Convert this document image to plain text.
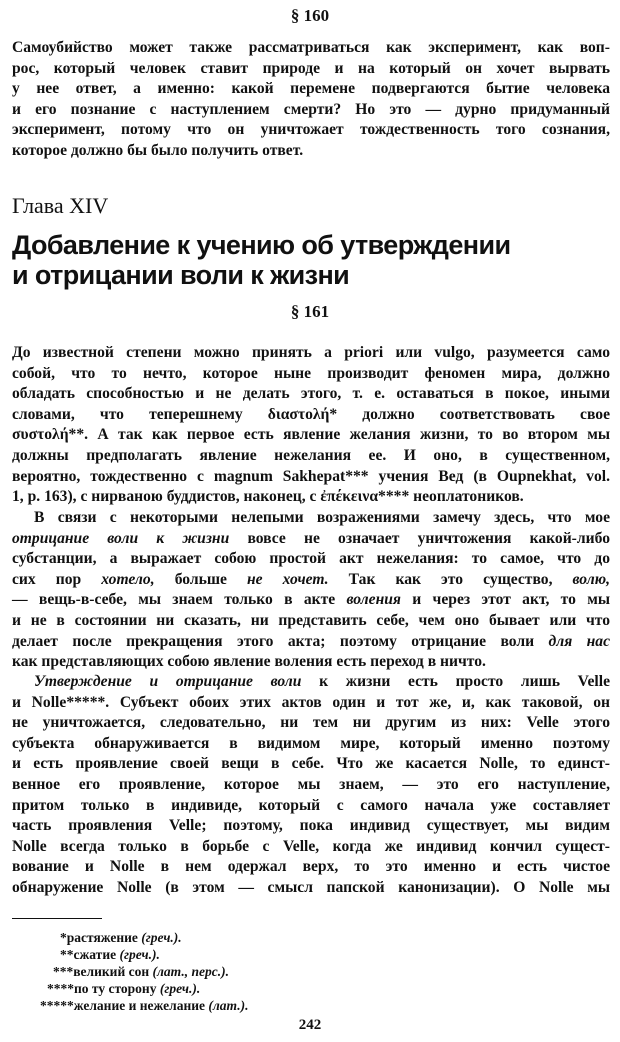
§ 160
Самоубийство может также рассматриваться как эксперимент, как воп-
рос, который человек ставит природе и на который он хочет вырвать
у нее ответ, а именно: какой перемене подвергаются бытие человека
и его познание с наступлением смерти? Но это — дурно придуманный
эксперимент, потому что он уничтожает тождественность того сознания,
которое должно бы было получить ответ.
Глава XIV
Добавление к учению об утверждении
и отрицании воли к жизни
§ 161
До известной степени можно принять a priori или vulgo, разумеется само
собой, что то нечто, которое ныне производит феномен мира, должно
обладать способностью и не делать этого, т. е. оставаться в покое, иными
словами, что теперешнему διαστολή* должно соответствовать свое
συστολή**. А так как первое есть явление желания жизни, то во втором мы
должны предполагать явление нежелания ее. И оно, в существенном,
вероятно, тождественно с magnum Sakhepat*** учения Вед (в Oupnekhat, vol.
1, p. 163), с нирваною буддистов, наконец, с ἐπέκεινα**** неоплатоников.
В связи с некоторыми нелепыми возражениями замечу здесь, что мое
отрицание воли к жизни вовсе не означает уничтожения какой-либо
субстанции, а выражает собою простой акт нежелания: то самое, что до
сих пор хотело, больше не хочет. Так как это существо, волю,
— вещь-в-себе, мы знаем только в акте воления и через этот акт, то мы
и не в состоянии ни сказать, ни представить себе, чем оно бывает или что
делает после прекращения этого акта; поэтому отрицание воли для нас
как представляющих собою явление воления есть переход в ничто.
Утверждение и отрицание воли к жизни есть просто лишь Velle
и Nolle*****. Субъект обоих этих актов один и тот же, и, как таковой, он
не уничтожается, следовательно, ни тем ни другим из них: Velle этого
субъекта обнаруживается в видимом мире, который именно поэтому
и есть проявление своей вещи в себе. Что же касается Nolle, то единст-
венное его проявление, которое мы знаем, — это его наступление,
притом только в индивиде, который с самого начала уже составляет
часть проявления Velle; поэтому, пока индивид существует, мы видим
Nolle всегда только в борьбе с Velle, когда же индивид кончил сущест-
вование и Nolle в нем одержал верх, то это именно и есть чистое
обнаружение Nolle (в этом — смысл папской канонизации). О Nolle мы
*растяжение (греч.).
**сжатие (греч.).
***великий сон (лат., перс.).
****по ту сторону (греч.).
*****желание и нежелание (лат.).
242
